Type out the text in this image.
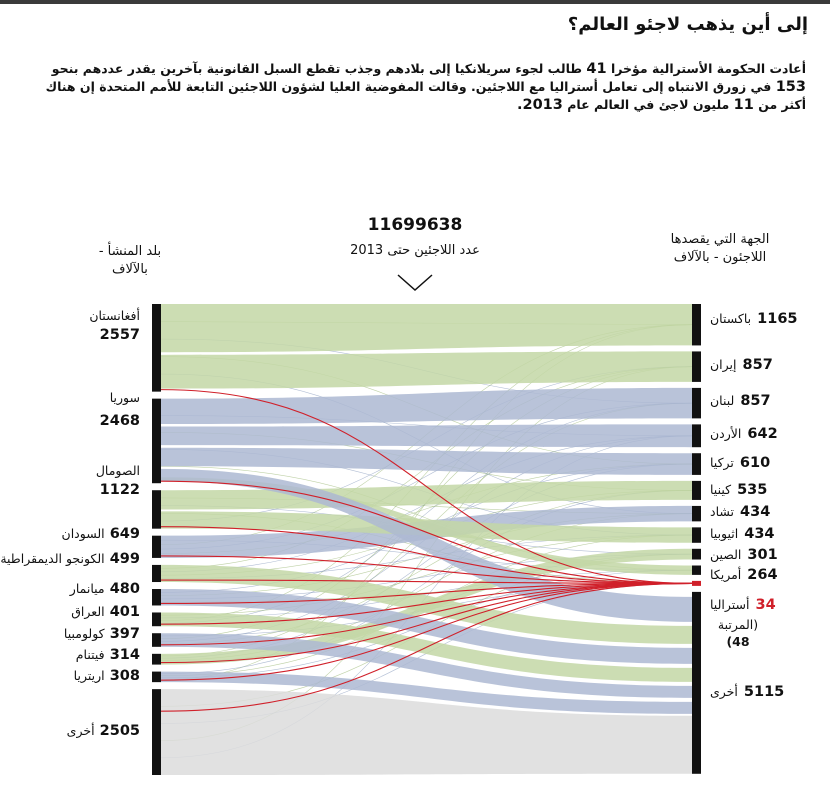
إلى أين يذهب لاجئو العالم؟
أعادت الحكومة الأسترالية مؤخرا 41 طالب لجوء سريلانكيا إلى بلادهم وجذب تقطع السبل القانونية بآخرين يقدر عددهم بنحو
153 في زورق الانتباه إلى تعامل أستراليا مع اللاجئين. وقالت المفوضية العليا لشؤون اللاجئين التابعة للأمم المتحدة إن هناك
أكثر من 11 مليون لاجئ في العالم عام 2013.
11699638
عدد اللاجئين حتى 2013
بلد المنشأ -
بالآلاف
الجهة التي يقصدها
اللاجئون - بالآلاف
أفغانستان
2557
سوريا
2468
الصومال
1122
649 السودان
499 الكونجو الديمقراطية
480 ميانمار
401 العراق
397 كولومبيا
314 فيتنام
308 اريتريا
2505 أخرى
1165
باكستان
857
إيران
857
لبنان
642
الأردن
610
تركيا
535
كينيا
434
تشاد
434
اثيوبيا
301
الصين
264
أمريكا
34
أستراليا
(المرتبة
48)
5115
أخرى
